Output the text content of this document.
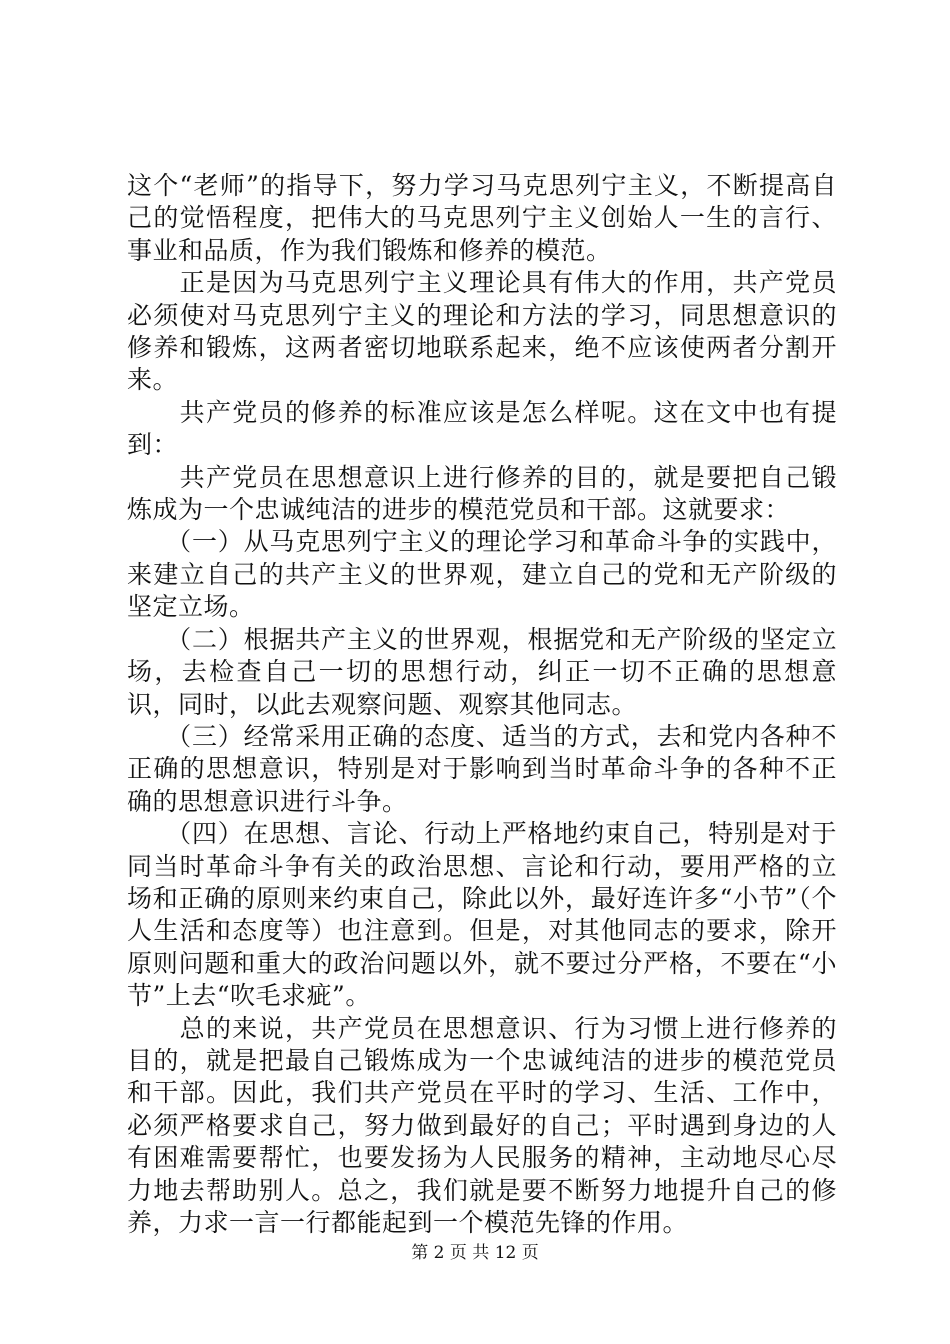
这个“老师”的指导下，努力学习马克思列宁主义，不断提高自己的觉悟程度，把伟大的马克思列宁主义创始人一生的言行、事业和品质，作为我们锻炼和修养的模范。

　　正是因为马克思列宁主义理论具有伟大的作用，共产党员必须使对马克思列宁主义的理论和方法的学习，同思想意识的修养和锻炼，这两者密切地联系起来，绝不应该使两者分割开来。

　　共产党员的修养的标准应该是怎么样呢。这在文中也有提到：

　　共产党员在思想意识上进行修养的目的，就是要把自己锻炼成为一个忠诚纯洁的进步的模范党员和干部。这就要求：

　　（一）从马克思列宁主义的理论学习和革命斗争的实践中，来建立自己的共产主义的世界观，建立自己的党和无产阶级的坚定立场。

　　（二）根据共产主义的世界观，根据党和无产阶级的坚定立场，去检查自己一切的思想行动，纠正一切不正确的思想意识，同时，以此去观察问题、观察其他同志。

　　（三）经常采用正确的态度、适当的方式，去和党内各种不正确的思想意识，特别是对于影响到当时革命斗争的各种不正确的思想意识进行斗争。

　　（四）在思想、言论、行动上严格地约束自己，特别是对于同当时革命斗争有关的政治思想、言论和行动，要用严格的立场和正确的原则来约束自己，除此以外，最好连许多“小节”（个人生活和态度等）也注意到。但是，对其他同志的要求，除开原则问题和重大的政治问题以外，就不要过分严格，不要在“小节”上去“吹毛求疵”。

　　总的来说，共产党员在思想意识、行为习惯上进行修养的目的，就是把最自己锻炼成为一个忠诚纯洁的进步的模范党员和干部。因此，我们共产党员在平时的学习、生活、工作中，必须严格要求自己，努力做到最好的自己；平时遇到身边的人有困难需要帮忙，也要发扬为人民服务的精神，主动地尽心尽力地去帮助别人。总之，我们就是要不断努力地提升自己的修养，力求一言一行都能起到一个模范先锋的作用。

第 2 页 共 12 页
